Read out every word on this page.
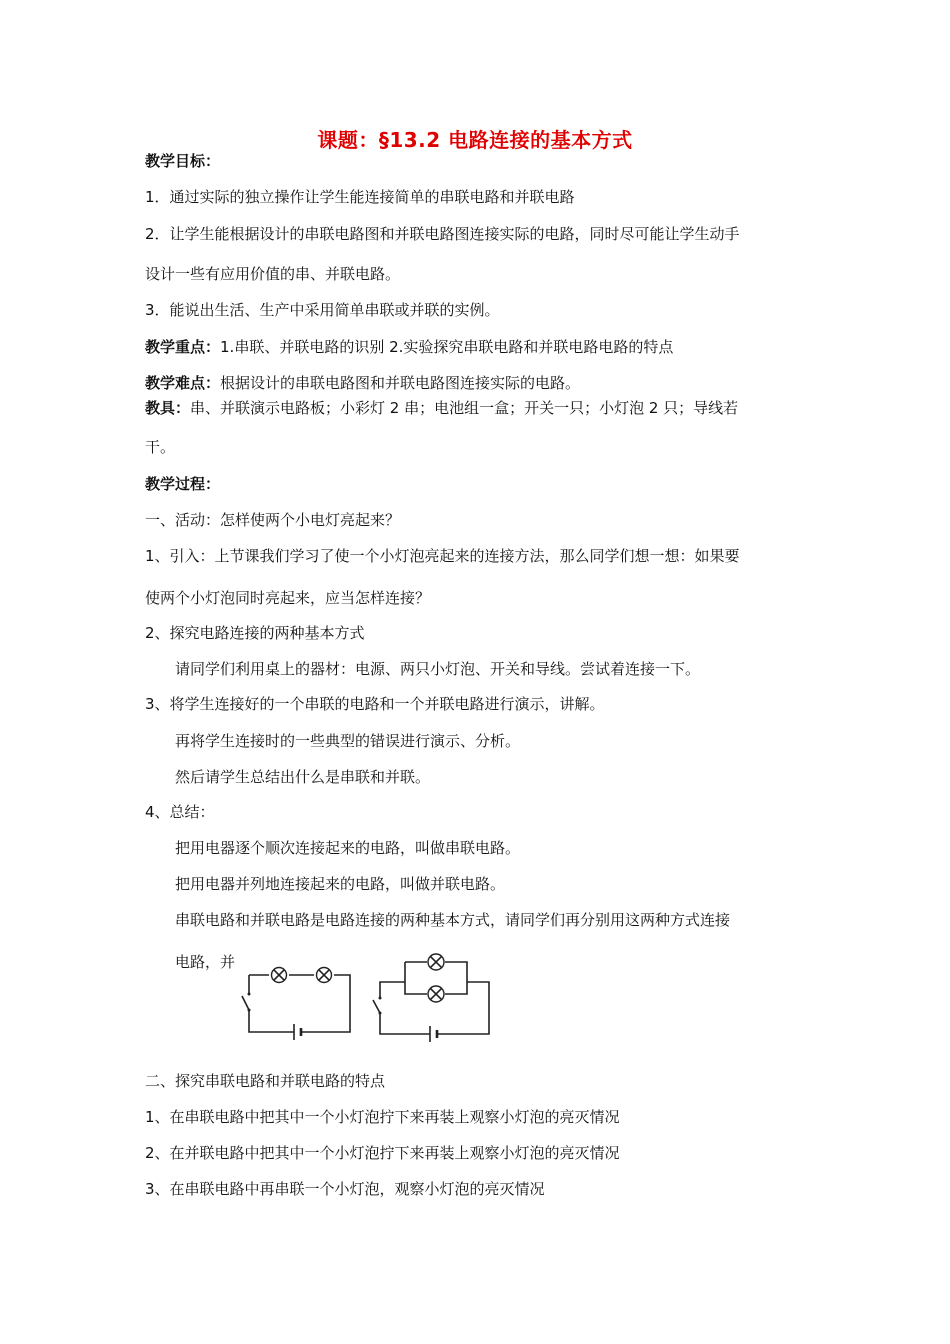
课题：§13.2 电路连接的基本方式
教学目标：
1．通过实际的独立操作让学生能连接简单的串联电路和并联电路
2．让学生能根据设计的串联电路图和并联电路图连接实际的电路，同时尽可能让学生动手
设计一些有应用价值的串、并联电路。
3．能说出生活、生产中采用简单串联或并联的实例。
教学重点：1.串联、并联电路的识别 2.实验探究串联电路和并联电路电路的特点
教学难点：根据设计的串联电路图和并联电路图连接实际的电路。
教具：串、并联演示电路板；小彩灯 2 串；电池组一盒；开关一只；小灯泡 2 只；导线若
干。
教学过程：
一、活动：怎样使两个小电灯亮起来？
1、引入：上节课我们学习了使一个小灯泡亮起来的连接方法，那么同学们想一想：如果要
使两个小灯泡同时亮起来，应当怎样连接？
2、探究电路连接的两种基本方式
请同学们利用桌上的器材：电源、两只小灯泡、开关和导线。尝试着连接一下。
3、将学生连接好的一个串联的电路和一个并联电路进行演示，讲解。
再将学生连接时的一些典型的错误进行演示、分析。
然后请学生总结出什么是串联和并联。
4、总结：
把用电器逐个顺次连接起来的电路，叫做串联电路。
把用电器并列地连接起来的电路，叫做并联电路。
串联电路和并联电路是电路连接的两种基本方式，请同学们再分别用这两种方式连接
电路，并
二、探究串联电路和并联电路的特点
1、在串联电路中把其中一个小灯泡拧下来再装上观察小灯泡的亮灭情况
2、在并联电路中把其中一个小灯泡拧下来再装上观察小灯泡的亮灭情况
3、在串联电路中再串联一个小灯泡，观察小灯泡的亮灭情况
